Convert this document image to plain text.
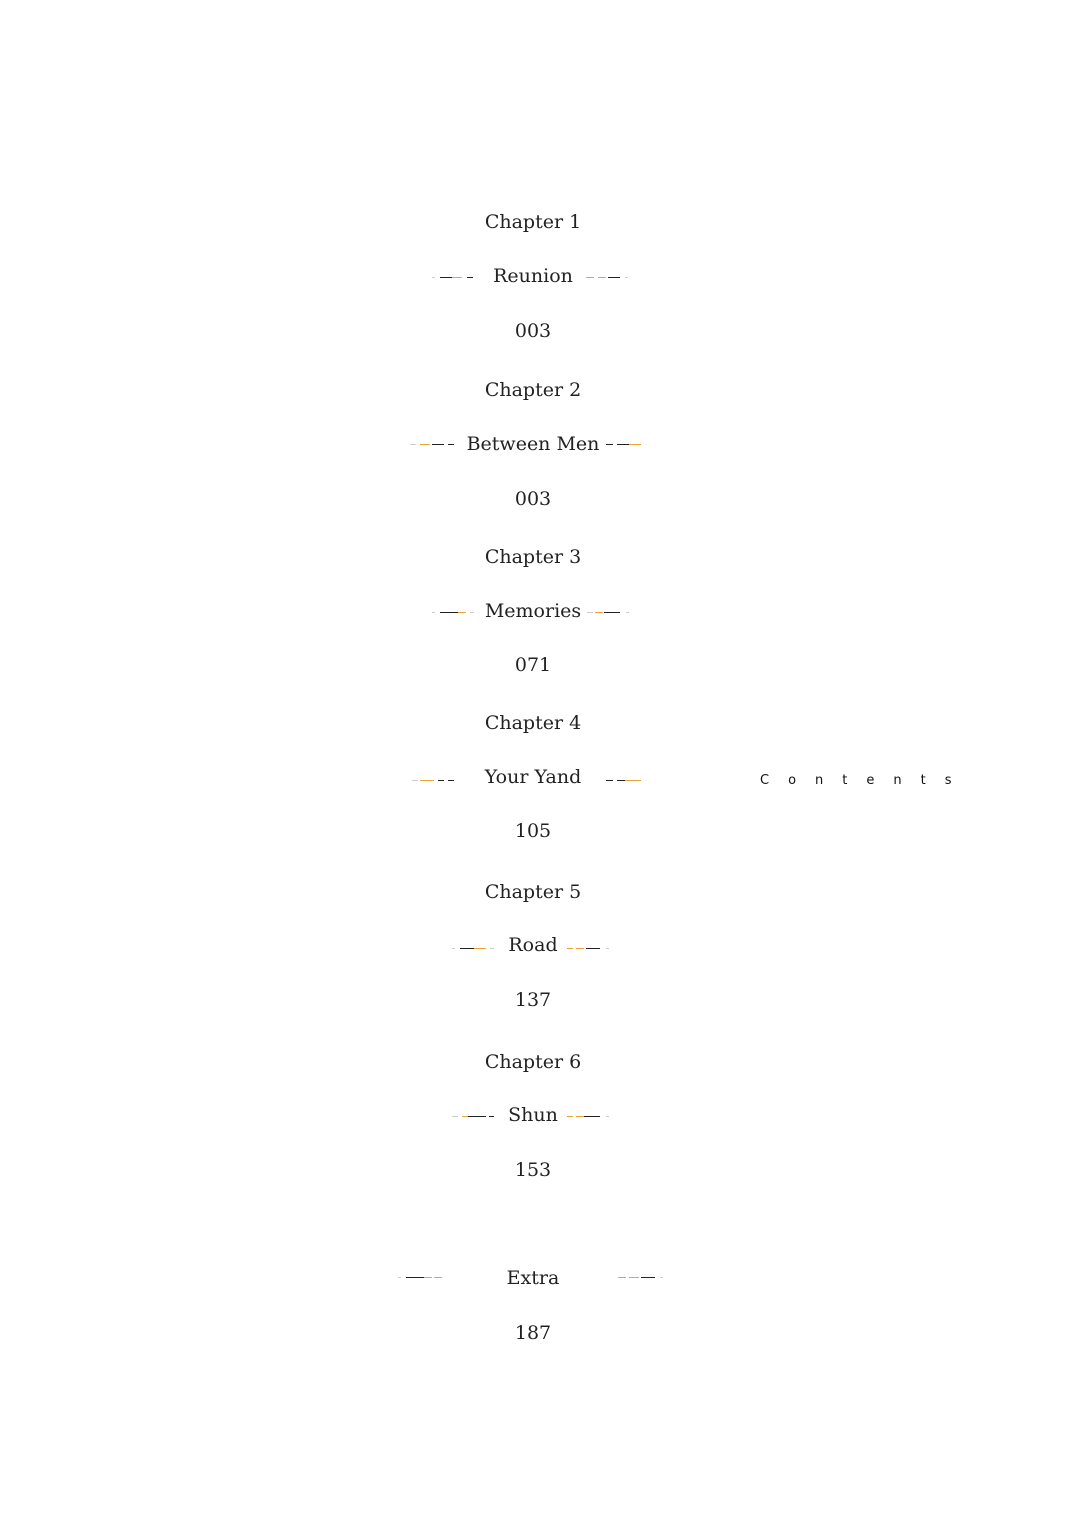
Chapter 1
Reunion
003
Chapter 2
Between Men
003
Chapter 3
Memories
071
Chapter 4
Your Yand
105
Chapter 5
Road
137
Chapter 6
Shun
153
Extra
187
Contents
